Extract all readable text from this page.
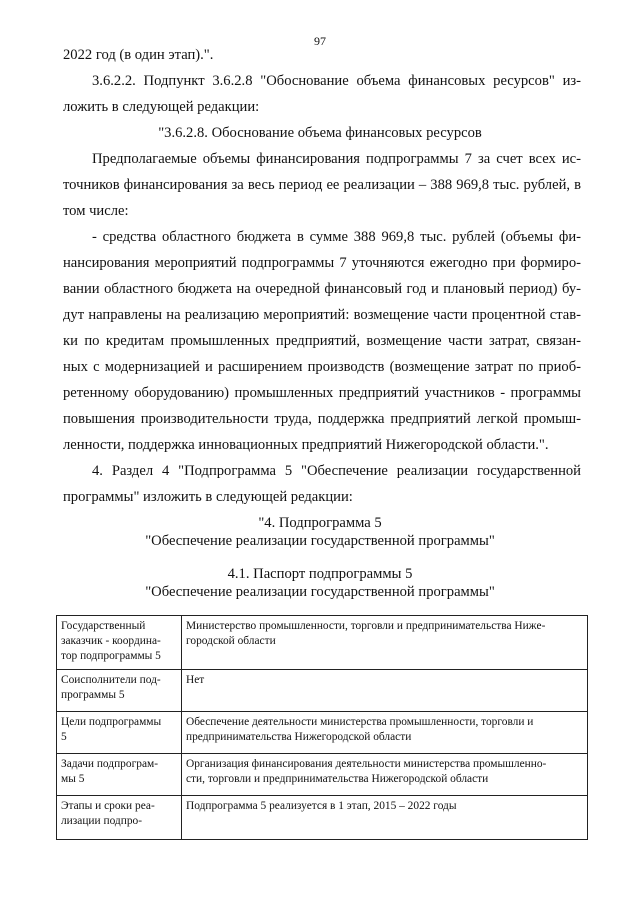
97
2022 год (в один этап).".
3.6.2.2. Подпункт 3.6.2.8 "Обоснование объема финансовых ресурсов" из-
ложить в следующей редакции:
"3.6.2.8. Обоснование объема финансовых ресурсов
Предполагаемые объемы финансирования подпрограммы 7 за счет всех ис-
точников финансирования за весь период ее реализации – 388 969,8 тыс. рублей, в
том числе:
- средства областного бюджета в сумме 388 969,8 тыс. рублей (объемы фи-
нансирования мероприятий подпрограммы 7 уточняются ежегодно при формиро-
вании областного бюджета на очередной финансовый год и плановый период) бу-
дут направлены на реализацию мероприятий: возмещение части процентной став-
ки по кредитам промышленных предприятий, возмещение части затрат, связан-
ных с модернизацией и расширением производств (возмещение затрат по приоб-
ретенному оборудованию) промышленных предприятий участников - программы
повышения производительности труда, поддержка предприятий легкой промыш-
ленности, поддержка инновационных предприятий Нижегородской области.".
4. Раздел 4 "Подпрограмма 5 "Обеспечение реализации государственной
программы" изложить в следующей редакции:
"4. Подпрограмма 5
"Обеспечение реализации государственной программы"
4.1. Паспорт подпрограммы 5
"Обеспечение реализации государственной программы"
Государственный
заказчик - координа-
тор подпрограммы 5	Министерство промышленности, торговли и предпринимательства Нижe-
городской области

Соисполнители под-
программы 5	Нет

Цели подпрограммы
5	Обеспечение деятельности министерства промышленности, торговли и
предпринимательства Нижегородской области

Задачи подпрограм-
мы 5	Организация финансирования деятельности министерства промышленно-
сти, торговли и предпринимательства Нижегородской области

Этапы и сроки реа-
лизации подпро-	Подпрограмма 5 реализуется в 1 этап, 2015 – 2022 годы
